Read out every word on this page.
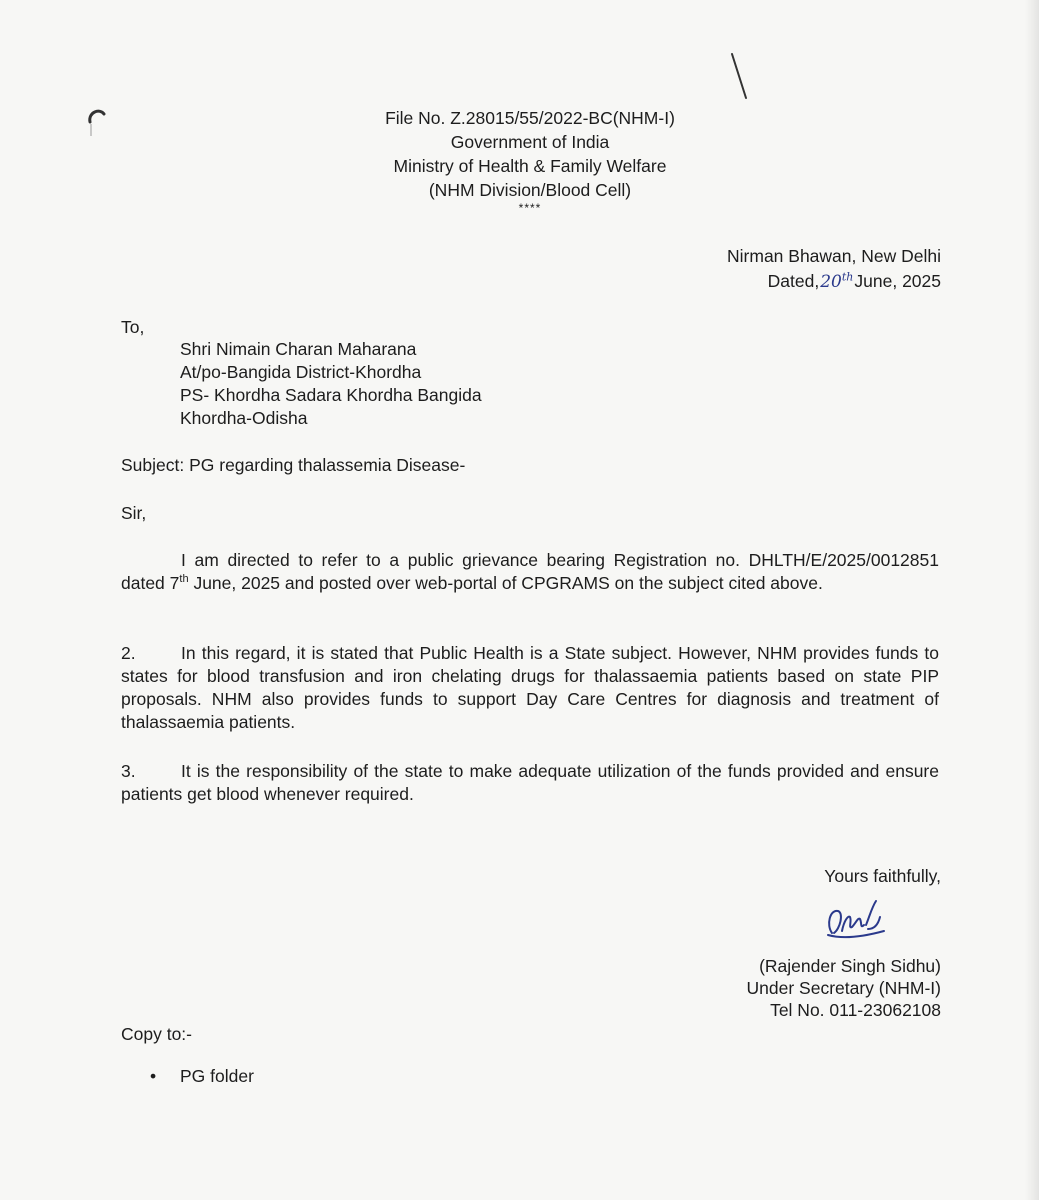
File No. Z.28015/55/2022-BC(NHM-I)
Government of India
Ministry of Health & Family Welfare
(NHM Division/Blood Cell)
****
Nirman Bhawan, New Delhi
Dated,20thJune, 2025
To,
Shri Nimain Charan Maharana
At/po-Bangida District-Khordha
PS- Khordha Sadara Khordha Bangida
Khordha-Odisha
Subject: PG regarding thalassemia Disease-
Sir,
I am directed to refer to a public grievance bearing Registration no. DHLTH/E/2025/0012851 dated 7th June, 2025 and posted over web-portal of CPGRAMS on the subject cited above.
2.	In this regard, it is stated that Public Health is a State subject. However, NHM provides funds to states for blood transfusion and iron chelating drugs for thalassaemia patients based on state PIP proposals. NHM also provides funds to support Day Care Centres for diagnosis and treatment of thalassaemia patients.
3.	It is the responsibility of the state to make adequate utilization of the funds provided and ensure patients get blood whenever required.
Yours faithfully,
(Rajender Singh Sidhu)
Under Secretary (NHM-I)
Tel No. 011-23062108
Copy to:-
• PG folder
